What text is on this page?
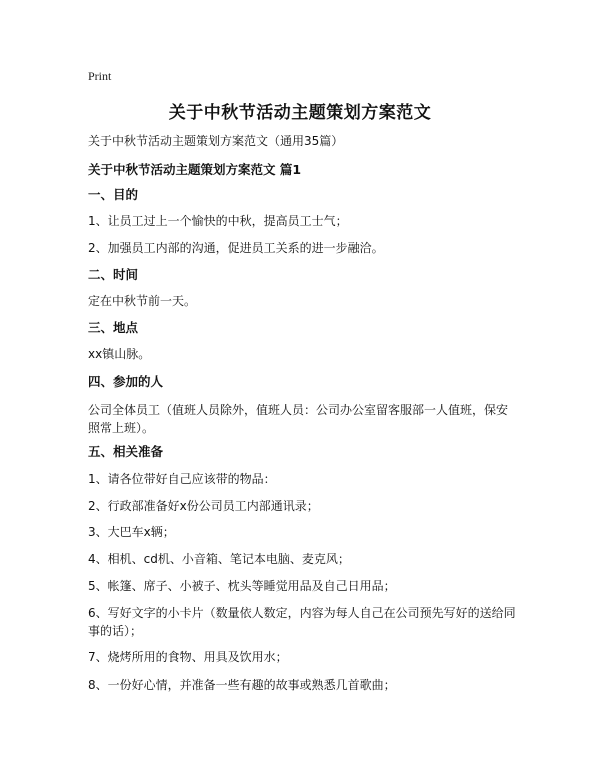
Print
关于中秋节活动主题策划方案范文
关于中秋节活动主题策划方案范文（通用35篇）
关于中秋节活动主题策划方案范文 篇1
一、目的
1、让员工过上一个愉快的中秋，提高员工士气；
2、加强员工内部的沟通，促进员工关系的进一步融洽。
二、时间
定在中秋节前一天。
三、地点
xx镇山脉。
四、参加的人
公司全体员工（值班人员除外，值班人员：公司办公室留客服部一人值班，保安照常上班）。
五、相关准备
1、请各位带好自己应该带的物品：
2、行政部准备好x份公司员工内部通讯录；
3、大巴车x辆；
4、相机、cd机、小音箱、笔记本电脑、麦克风；
5、帐篷、席子、小被子、枕头等睡觉用品及自己日用品；
6、写好文字的小卡片（数量依人数定，内容为每人自己在公司预先写好的送给同事的话）；
7、烧烤所用的食物、用具及饮用水；
8、一份好心情，并准备一些有趣的故事或熟悉几首歌曲；
